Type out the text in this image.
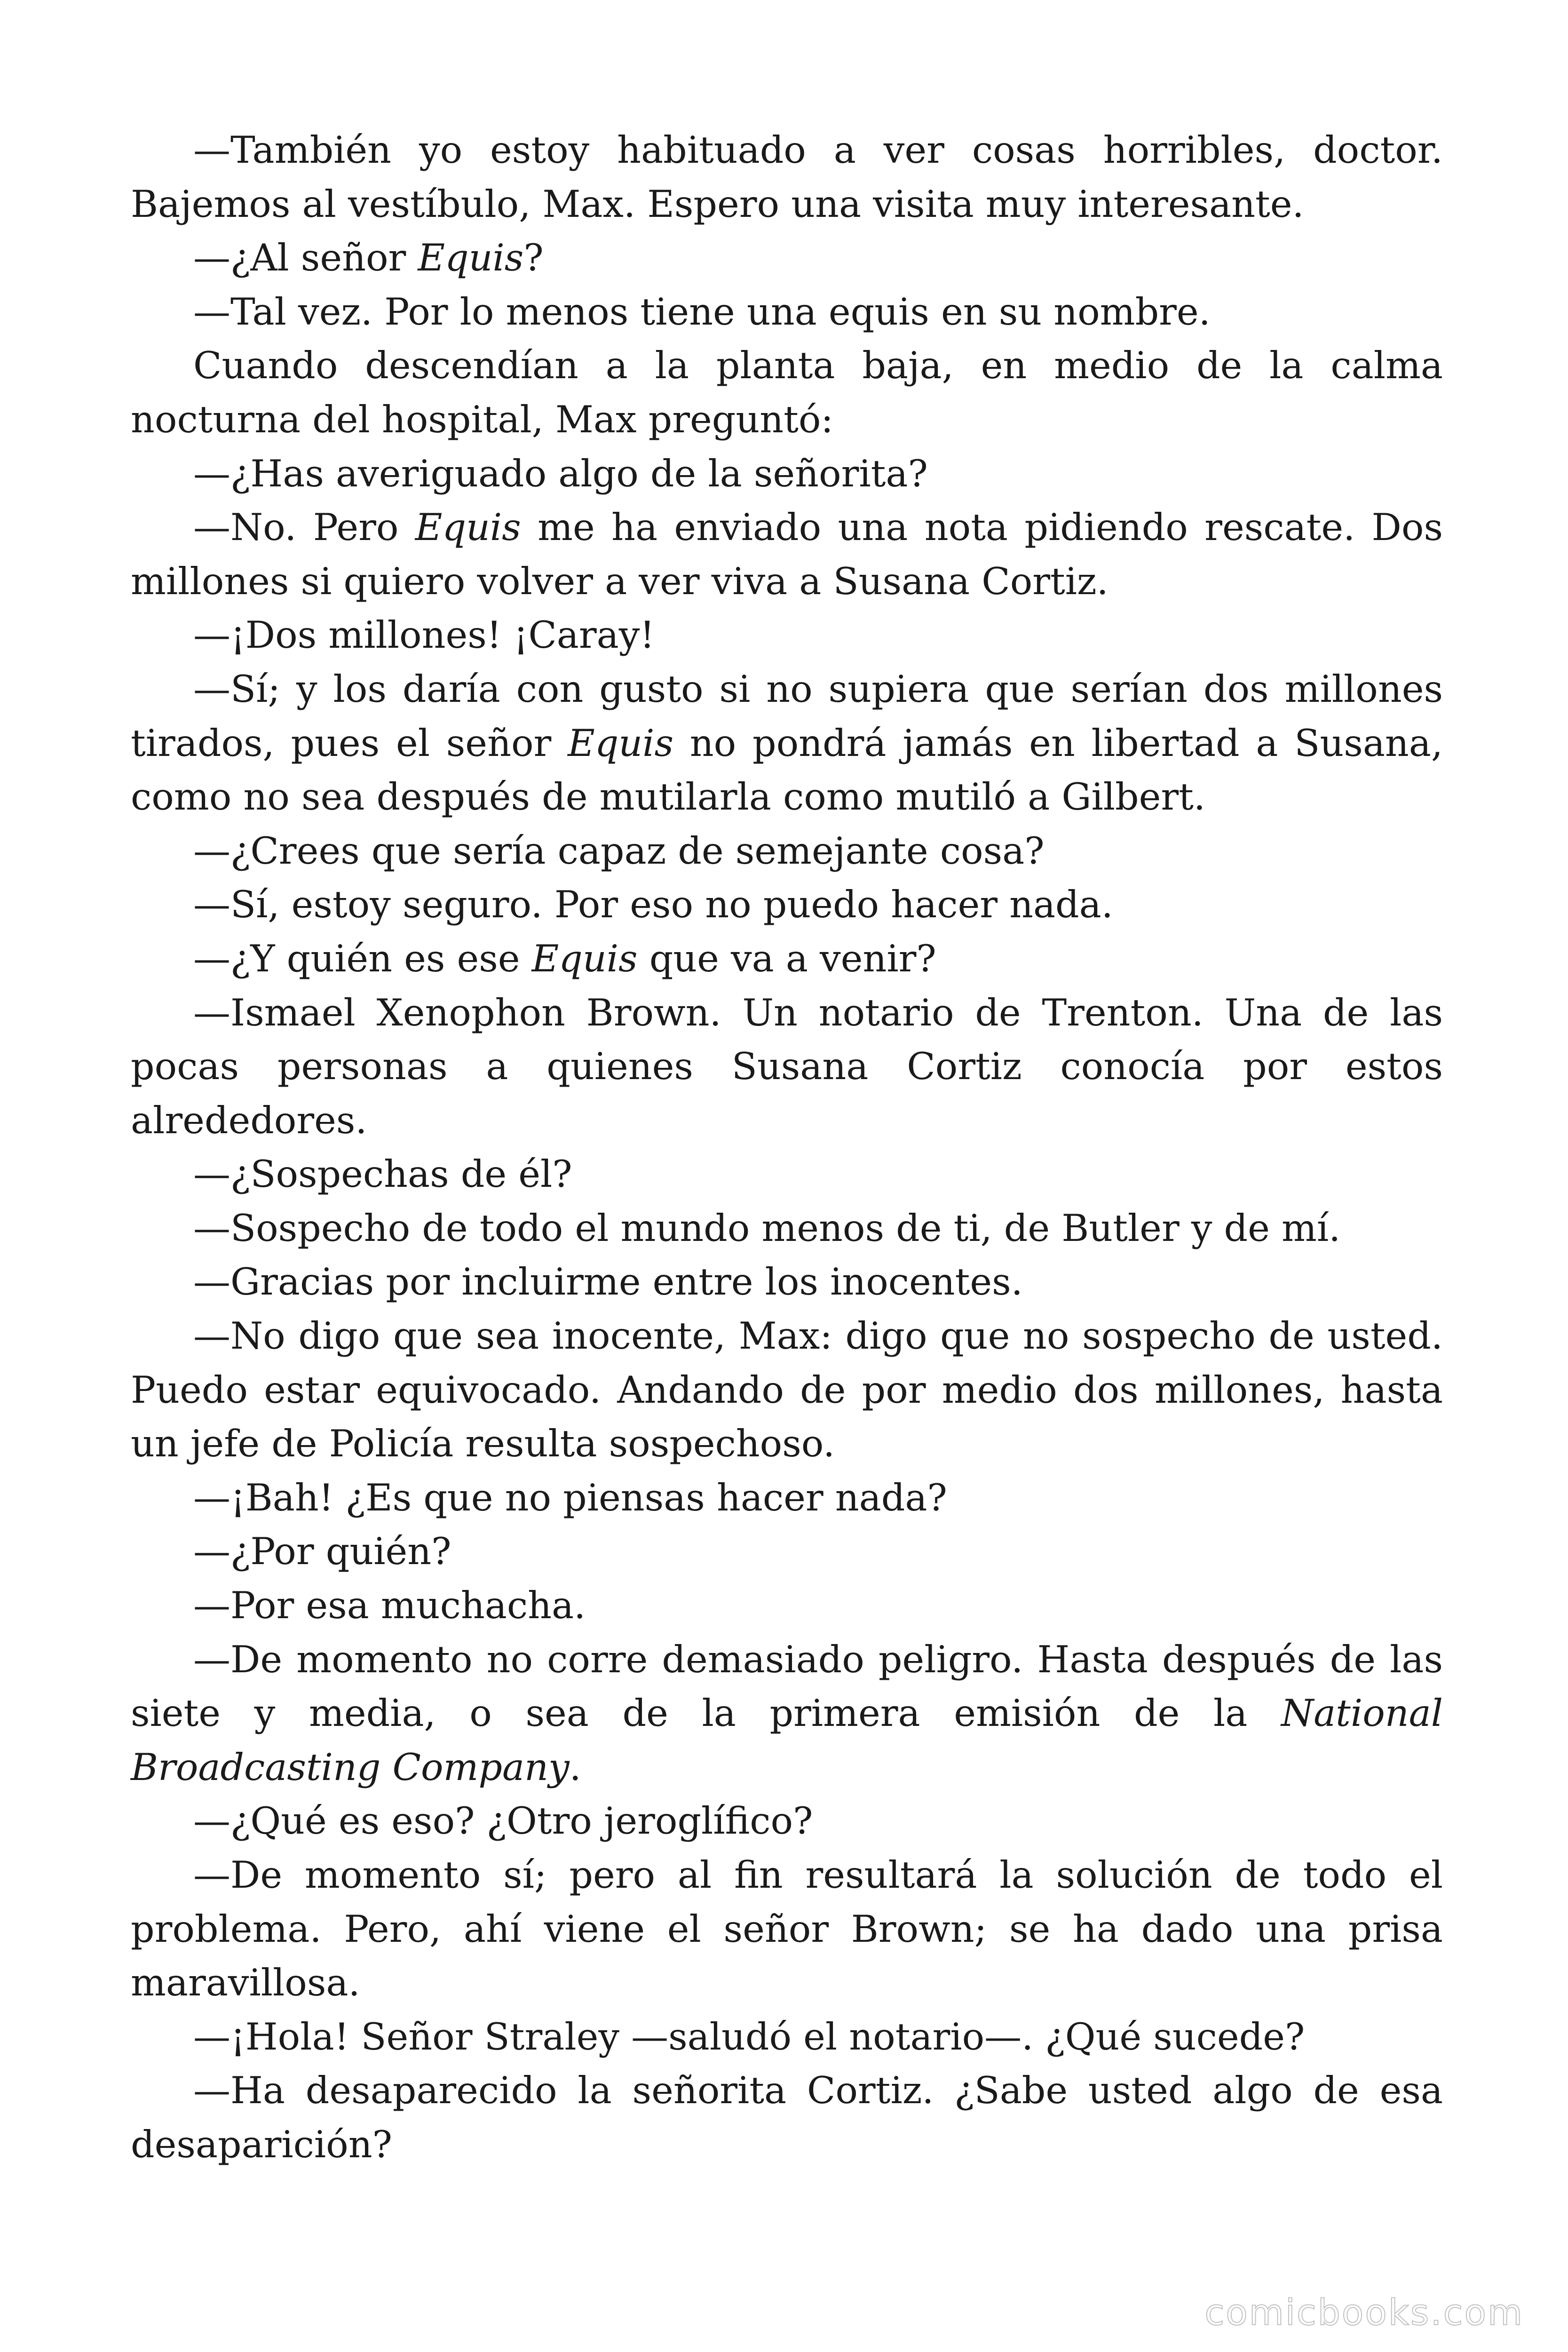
—También yo estoy habituado a ver cosas horribles, doctor. Bajemos al vestíbulo, Max. Espero una visita muy interesante.

—¿Al señor Equis?

—Tal vez. Por lo menos tiene una equis en su nombre.

Cuando descendían a la planta baja, en medio de la calma nocturna del hospital, Max preguntó:

—¿Has averiguado algo de la señorita?

—No. Pero Equis me ha enviado una nota pidiendo rescate. Dos millones si quiero volver a ver viva a Susana Cortiz.

—¡Dos millones! ¡Caray!

—Sí; y los daría con gusto si no supiera que serían dos millones tirados, pues el señor Equis no pondrá jamás en libertad a Susana, como no sea después de mutilarla como mutiló a Gilbert.

—¿Crees que sería capaz de semejante cosa?

—Sí, estoy seguro. Por eso no puedo hacer nada.

—¿Y quién es ese Equis que va a venir?

—Ismael Xenophon Brown. Un notario de Trenton. Una de las pocas personas a quienes Susana Cortiz conocía por estos alrededores.

—¿Sospechas de él?

—Sospecho de todo el mundo menos de ti, de Butler y de mí.

—Gracias por incluirme entre los inocentes.

—No digo que sea inocente, Max: digo que no sospecho de usted. Puedo estar equivocado. Andando de por medio dos millones, hasta un jefe de Policía resulta sospechoso.

—¡Bah! ¿Es que no piensas hacer nada?

—¿Por quién?

—Por esa muchacha.

—De momento no corre demasiado peligro. Hasta después de las siete y media, o sea de la primera emisión de la National Broadcasting Company.

—¿Qué es eso? ¿Otro jeroglífico?

—De momento sí; pero al fin resultará la solución de todo el problema. Pero, ahí viene el señor Brown; se ha dado una prisa maravillosa.

—¡Hola! Señor Straley —saludó el notario—. ¿Qué sucede?

—Ha desaparecido la señorita Cortiz. ¿Sabe usted algo de esa desaparición?

comicbooks.com
